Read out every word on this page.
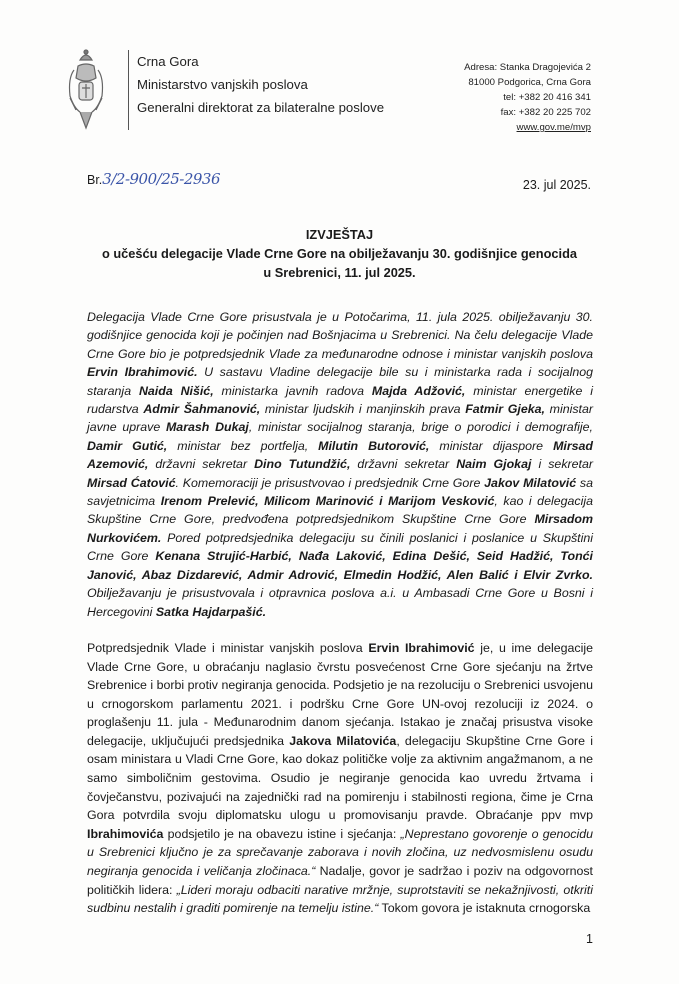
Crna Gora
Ministarstvo vanjskih poslova
Generalni direktorat za bilateralne poslove
Adresa: Stanka Dragojevića 2
81000 Podgorica, Crna Gora
tel: +382 20 416 341
fax: +382 20 225 702
www.gov.me/mvp
Br.3/2-900/25-2936	23. jul 2025.
IZVJEŠTAJ
o učešću delegacije Vlade Crne Gore na obilježavanju 30. godišnjice genocida u Srebrenici, 11. jul 2025.

Delegacija Vlade Crne Gore prisustvala je u Potočarima, 11. jula 2025. obilježavanju 30. godišnjice genocida koji je počinjen nad Bošnjacima u Srebrenici. Na čelu delegacije Vlade Crne Gore bio je potpredsjednik Vlade za međunarodne odnose i ministar vanjskih poslova Ervin Ibrahimović. U sastavu Vladine delegacije bile su i ministarka rada i socijalnog staranja Naida Nišić, ministarka javnih radova Majda Adžović, ministar energetike i rudarstva Admir Šahmanović, ministar ljudskih i manjinskih prava Fatmir Gjeka, ministar javne uprave Marash Dukaj, ministar socijalnog staranja, brige o porodici i demografije, Damir Gutić, ministar bez portfelja, Milutin Butorović, ministar dijaspore Mirsad Azemović, državni sekretar Dino Tutundžić, državni sekretar Naim Gjokaj i sekretar Mirsad Ćatović. Komemoraciji je prisustvovao i predsjednik Crne Gore Jakov Milatović sa savjetnicima Irenom Prelević, Milicom Marinović i Marijom Vesković, kao i delegacija Skupštine Crne Gore, predvođena potpredsjednikom Skupštine Crne Gore Mirsadom Nurkovićem. Pored potpredsjednika delegaciju su činili poslanici i poslanice u Skupštini Crne Gore Kenana Strujić-Harbić, Nađa Laković, Edina Dešić, Seid Hadžić, Tonći Janović, Abaz Dizdarević, Admir Adrović, Elmedin Hodžić, Alen Balić i Elvir Zvrko. Obilježavanju je prisustvovala i otpravnica poslova a.i. u Ambasadi Crne Gore u Bosni i Hercegovini Satka Hajdarpašić.

Potpredsjednik Vlade i ministar vanjskih poslova Ervin Ibrahimović je, u ime delegacije Vlade Crne Gore, u obraćanju naglasio čvrstu posvećenost Crne Gore sjećanju na žrtve Srebrenice i borbi protiv negiranja genocida. Podsjetio je na rezoluciju o Srebrenici usvojenu u crnogorskom parlamentu 2021. i podršku Crne Gore UN-ovoj rezoluciji iz 2024. o proglašenju 11. jula - Međunarodnim danom sjećanja. Istakao je značaj prisustva visoke delegacije, uključujući predsjednika Jakova Milatovića, delegaciju Skupštine Crne Gore i osam ministara u Vladi Crne Gore, kao dokaz političke volje za aktivnim angažmanom, a ne samo simboličnim gestovima. Osudio je negiranje genocida kao uvredu žrtvama i čovječanstvu, pozivajući na zajednički rad na pomirenju i stabilnosti regiona, čime je Crna Gora potvrdila svoju diplomatsku ulogu u promovisanju pravde. Obraćanje ppv mvp Ibrahimovića podsjetilo je na obavezu istine i sjećanja: „Neprestano govorenje o genocidu u Srebrenici ključno je za sprečavanje zaborava i novih zločina, uz nedvosmislenu osudu negiranja genocida i veličanja zločinaca.“ Nadalje, govor je sadržao i poziv na odgovornost političkih lidera: „Lideri moraju odbaciti narative mržnje, suprotstaviti se nekažnjivosti, otkriti sudbinu nestalih i graditi pomirenje na temelju istine.“ Tokom govora je istaknuta crnogorska

1
